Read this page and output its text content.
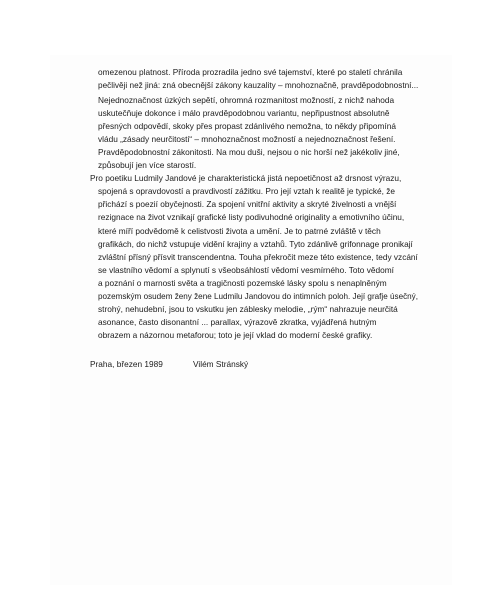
omezenou platnost. Příroda prozradila jedno své tajemství, které po staletí chránila
pečlivěji než jiná: zná obecnější zákony kauzality – mnohoznačně, pravděpodobnostní...
Nejednoznačnost úzkých sepětí, ohromná rozmanitost možností, z nichž nahoda
uskutečňuje dokonce i málo pravděpodobnou variantu, nepřipustnost absolutně
přesných odpovědí, skoky přes propast zdánlivého nemožna, to někdy připomíná
vládu „zásady neurčitosti“ – mnohoznačnost možností a nejednoznačnost řešení.
Pravděpodobnostní zákonitosti. Na mou duši, nejsou o nic horší než jakékoliv jiné,
způsobují jen více starostí.
Pro poetiku Ludmily Jandové je charakteristická jistá nepoetičnost až drsnost výrazu,
spojená s opravdovostí a pravdivostí zážitku. Pro její vztah k realitě je typické, že
přichází s poezií obyčejnosti. Za spojení vnitřní aktivity a skryté živelnosti a vnější
rezignace na život vznikají grafické listy podivuhodné originality a emotivního účinu,
které míří podvědomě k celistvosti života a umění. Je to patrné zvláště v těch
grafikách, do nichž vstupuje vidění krajiny a vztahů. Tyto zdánlivě grifonnage pronikají
zvláštní přísný přísvit transcendentna. Touha překročit meze této existence, tedy vzcání
se vlastního vědomí a splynutí s všeobsáhlostí vědomí vesmírného. Toto vědomí
a poznání o marnosti světa a tragičnosti pozemské lásky spolu s nenaplněným
pozemským osudem ženy žene Ludmilu Jandovou do intimních poloh. Její grafje úsečný,
strohý, nehudební, jsou to vskutku jen záblesky melodie, „rým“ nahrazuje neurčitá
asonance, často disonantní ... parallax, výrazově zkratka, vyjádřená hutným
obrazem a názornou metaforou; toto je její vklad do moderní české grafiky.
Praha, březen 1989	Vilém Stránský
